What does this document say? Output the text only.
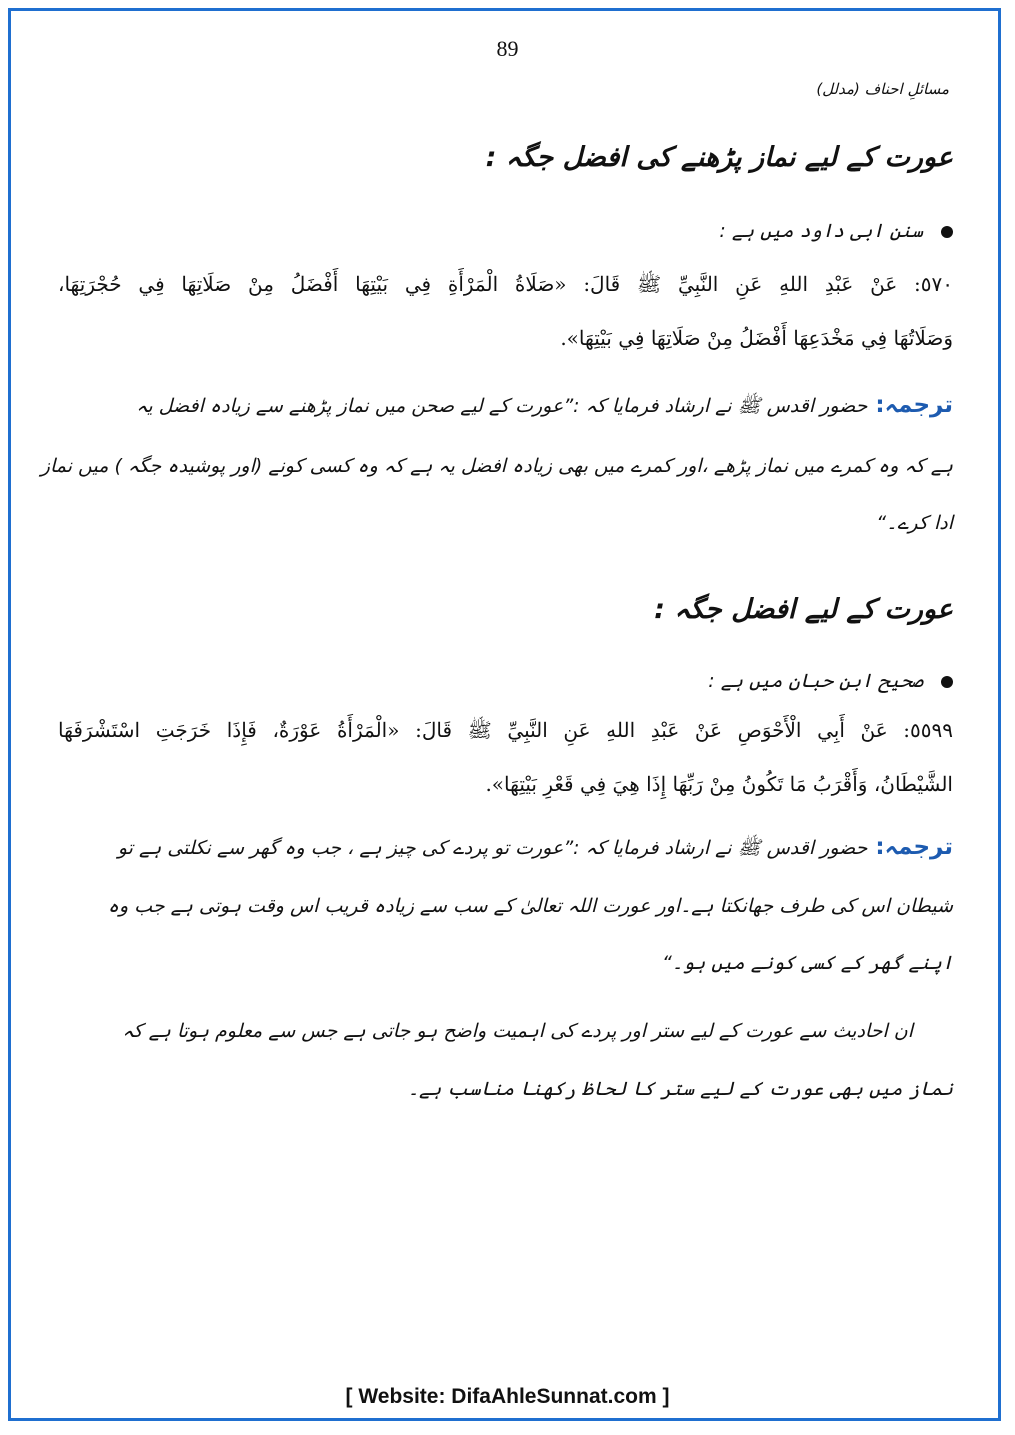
89
مسائلِ احناف (مدلل)
عورت کے لیے نماز پڑھنے کی افضل جگہ :
سنن ابی داود میں ہے :
٥٧٠: عَنْ عَبْدِ اللهِ عَنِ النَّبِيِّ ﷺ قَالَ: «صَلَاةُ الْمَرْأَةِ فِي بَيْتِهَا أَفْضَلُ مِنْ صَلَاتِهَا فِي حُجْرَتِهَا،
وَصَلَاتُهَا فِي مَخْدَعِهَا أَفْضَلُ مِنْ صَلَاتِهَا فِي بَيْتِهَا».
ترجمہ:حضور اقدس ﷺ نے ارشاد فرمایا کہ :”عورت کے لیے صحن میں نماز پڑھنے سے زیادہ افضل یہ
ہے کہ وہ کمرے میں نماز پڑھے ،اور کمرے میں بھی زیادہ افضل یہ ہے کہ وہ کسی کونے (اور پوشیدہ جگہ ) میں نماز
ادا کرے۔“
عورت کے لیے افضل جگہ :
صحیح ابن حبان میں ہے :
٥٥٩٩: عَنْ أَبِي الْأَحْوَصِ عَنْ عَبْدِ اللهِ عَنِ النَّبِيِّ ﷺ قَالَ: «الْمَرْأَةُ عَوْرَةٌ، فَإِذَا خَرَجَتِ اسْتَشْرَفَهَا
الشَّيْطَانُ، وَأَقْرَبُ مَا تَكُونُ مِنْ رَبِّهَا إِذَا هِيَ فِي قَعْرِ بَيْتِهَا».
ترجمہ:حضور اقدس ﷺ نے ارشاد فرمایا کہ :”عورت تو پردے کی چیز ہے ، جب وہ گھر سے نکلتی ہے تو
شیطان اس کی طرف جھانکتا ہے۔اور عورت اللہ تعالیٰ کے سب سے زیادہ قریب اس وقت ہوتی ہے جب وہ
اپنے گھر کے کسی کونے میں ہو۔“
ان احادیث سے عورت کے لیے ستر اور پردے کی اہمیت واضح ہو جاتی ہے جس سے معلوم ہوتا ہے کہ
نماز میں بھی عورت کے لیے ستر کا لحاظ رکھنا مناسب ہے۔
[ Website: DifaAhleSunnat.com ]
